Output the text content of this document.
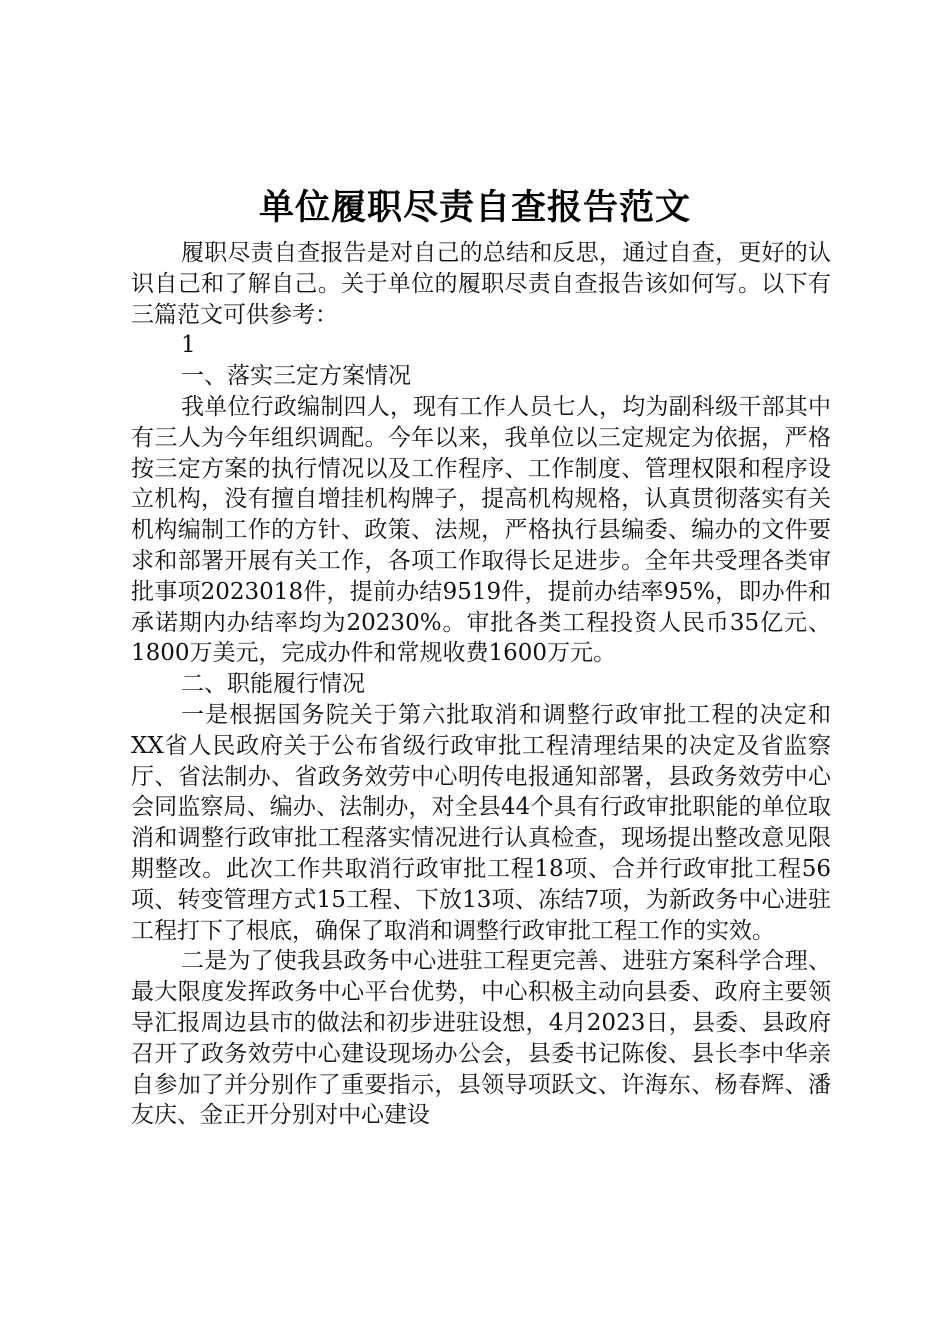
单位履职尽责自查报告范文

履职尽责自查报告是对自己的总结和反思，通过自查，更好的认识自己和了解自己。关于单位的履职尽责自查报告该如何写。以下有三篇范文可供参考：

1

一、落实三定方案情况

我单位行政编制四人，现有工作人员七人，均为副科级干部其中有三人为今年组织调配。今年以来，我单位以三定规定为依据，严格按三定方案的执行情况以及工作程序、工作制度、管理权限和程序设立机构，没有擅自增挂机构牌子，提高机构规格，认真贯彻落实有关机构编制工作的方针、政策、法规，严格执行县编委、编办的文件要求和部署开展有关工作，各项工作取得长足进步。全年共受理各类审批事项2023018件，提前办结9519件，提前办结率95%，即办件和承诺期内办结率均为20230%。审批各类工程投资人民币35亿元、1800万美元，完成办件和常规收费1600万元。

二、职能履行情况

一是根据国务院关于第六批取消和调整行政审批工程的决定和XX省人民政府关于公布省级行政审批工程清理结果的决定及省监察厅、省法制办、省政务效劳中心明传电报通知部署，县政务效劳中心会同监察局、编办、法制办，对全县44个具有行政审批职能的单位取消和调整行政审批工程落实情况进行认真检查，现场提出整改意见限期整改。此次工作共取消行政审批工程18项、合并行政审批工程56项、转变管理方式15工程、下放13项、冻结7项，为新政务中心进驻工程打下了根底，确保了取消和调整行政审批工程工作的实效。

二是为了使我县政务中心进驻工程更完善、进驻方案科学合理、最大限度发挥政务中心平台优势，中心积极主动向县委、政府主要领导汇报周边县市的做法和初步进驻设想，4月2023日，县委、县政府召开了政务效劳中心建设现场办公会，县委书记陈俊、县长李中华亲自参加了并分别作了重要指示，县领导项跃文、许海东、杨春辉、潘友庆、金正开分别对中心建设
